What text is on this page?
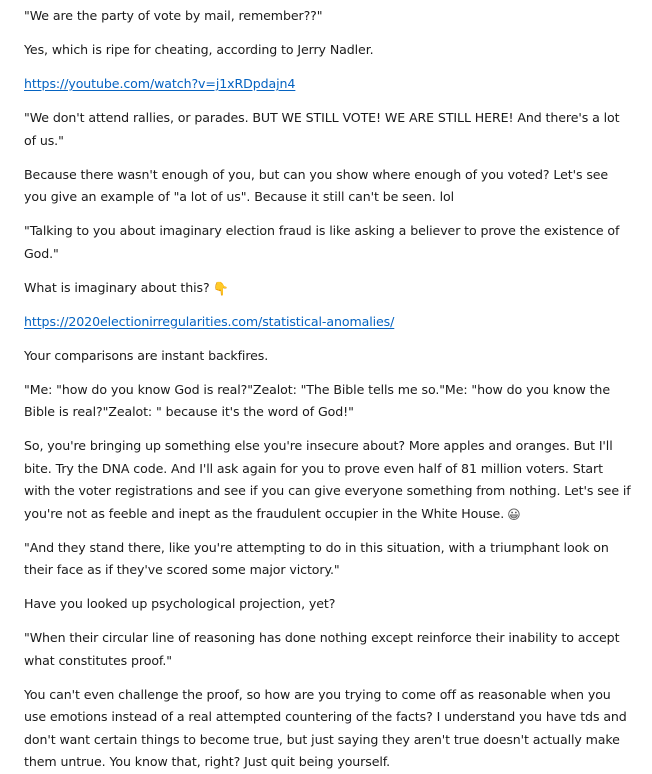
"We are the party of vote by mail, remember??"

Yes, which is ripe for cheating, according to Jerry Nadler.

https://youtube.com/watch?v=j1xRDpdajn4

"We don't attend rallies, or parades. BUT WE STILL VOTE! WE ARE STILL HERE! And there's a lot of us."

Because there wasn't enough of you, but can you show where enough of you voted? Let's see you give an example of "a lot of us". Because it still can't be seen. lol

"Talking to you about imaginary election fraud is like asking a believer to prove the existence of God."

What is imaginary about this? 👇

https://2020electionirregularities.com/statistical-anomalies/

Your comparisons are instant backfires.

"Me: "how do you know God is real?"Zealot: "The Bible tells me so."Me: "how do you know the Bible is real?"Zealot: " because it's the word of God!"

So, you're bringing up something else you're insecure about? More apples and oranges. But I'll bite. Try the DNA code. And I'll ask again for you to prove even half of 81 million voters. Start with the voter registrations and see if you can give everyone something from nothing. Let's see if you're not as feeble and inept as the fraudulent occupier in the White House. 😀

"And they stand there, like you're attempting to do in this situation, with a triumphant look on their face as if they've scored some major victory."

Have you looked up psychological projection, yet?

"When their circular line of reasoning has done nothing except reinforce their inability to accept what constitutes proof."

You can't even challenge the proof, so how are you trying to come off as reasonable when you use emotions instead of a real attempted countering of the facts? I understand you have tds and don't want certain things to become true, but just saying they aren't true doesn't actually make them untrue. You know that, right? Just quit being yourself.
